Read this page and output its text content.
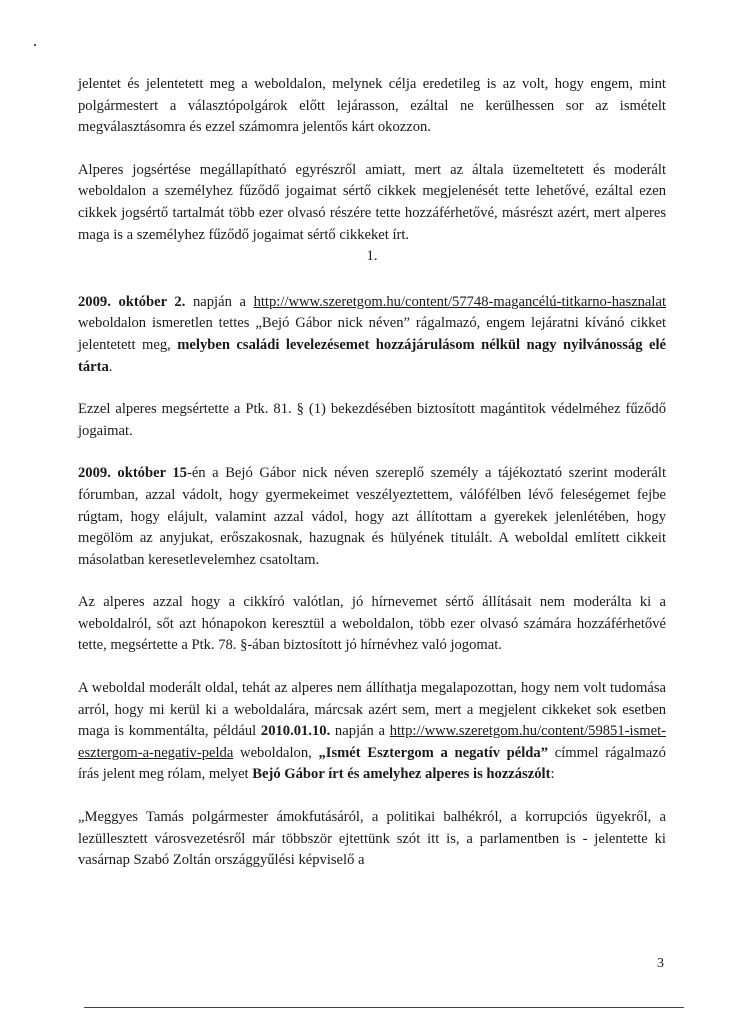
jelentet és jelentetett meg a weboldalon, melynek célja eredetileg is az volt, hogy engem, mint polgármestert a választópolgárok előtt lejárasson, ezáltal ne kerülhessen sor az ismételt megválasztásomra és ezzel számomra jelentős kárt okozzon.

Alperes jogsértése megállapítható egyrészről amiatt, mert az általa üzemeltetett és moderált weboldalon a személyhez fűződő jogaimat sértő cikkek megjelenését tette lehetővé, ezáltal ezen cikkek jogsértő tartalmát több ezer olvasó részére tette hozzáférhetővé, másrészt azért, mert alperes maga is a személyhez fűződő jogaimat sértő cikkeket írt.

1.

2009. október 2. napján a http://www.szeretgom.hu/content/57748-magancélú-titkarno-hasznalat weboldalon ismeretlen tettes „Bejó Gábor nick néven” rágalmazó, engem lejáratni kívánó cikket jelentetett meg, melyben családi levelezésemet hozzájárulásom nélkül nagy nyilvánosság elé tárta.

Ezzel alperes megsértette a Ptk. 81. § (1) bekezdésében biztosított magántitok védelméhez fűződő jogaimat.

2009. október 15-én a Bejó Gábor nick néven szereplő személy a tájékoztató szerint moderált fórumban, azzal vádolt, hogy gyermekeimet veszélyeztettem, válófélben lévő feleségemet fejbe rúgtam, hogy elájult, valamint azzal vádol, hogy azt állítottam a gyerekek jelenlétében, hogy megölöm az anyjukat, erőszakosnak, hazugnak és hülyének titulált. A weboldal említett cikkeit másolatban keresetlevelemhez csatoltam.

Az alperes azzal hogy a cikkíró valótlan, jó hírnevemet sértő állításait nem moderálta ki a weboldalról, sőt azt hónapokon keresztül a weboldalon, több ezer olvasó számára hozzáférhetővé tette, megsértette a Ptk. 78. §-ában biztosított jó hírnévhez való jogomat.

A weboldal moderált oldal, tehát az alperes nem állíthatja megalapozottan, hogy nem volt tudomása arról, hogy mi kerül ki a weboldalára, márcsak azért sem, mert a megjelent cikkeket sok esetben maga is kommentálta, például 2010.01.10. napján a http://www.szeretgom.hu/content/59851-ismet-esztergom-a-negativ-pelda weboldalon, „Ismét Esztergom a negatív példa” címmel rágalmazó írás jelent meg rólam, melyet Bejó Gábor írt és amelyhez alperes is hozzászólt:

„Meggyes Tamás polgármester ámokfutásáról, a politikai balhékról, a korrupciós ügyekről, a lezüllesztett városvezetésről már többször ejtettünk szót itt is, a parlamentben is - jelentette ki vasárnap Szabó Zoltán országgyűlési képviselő a

3
